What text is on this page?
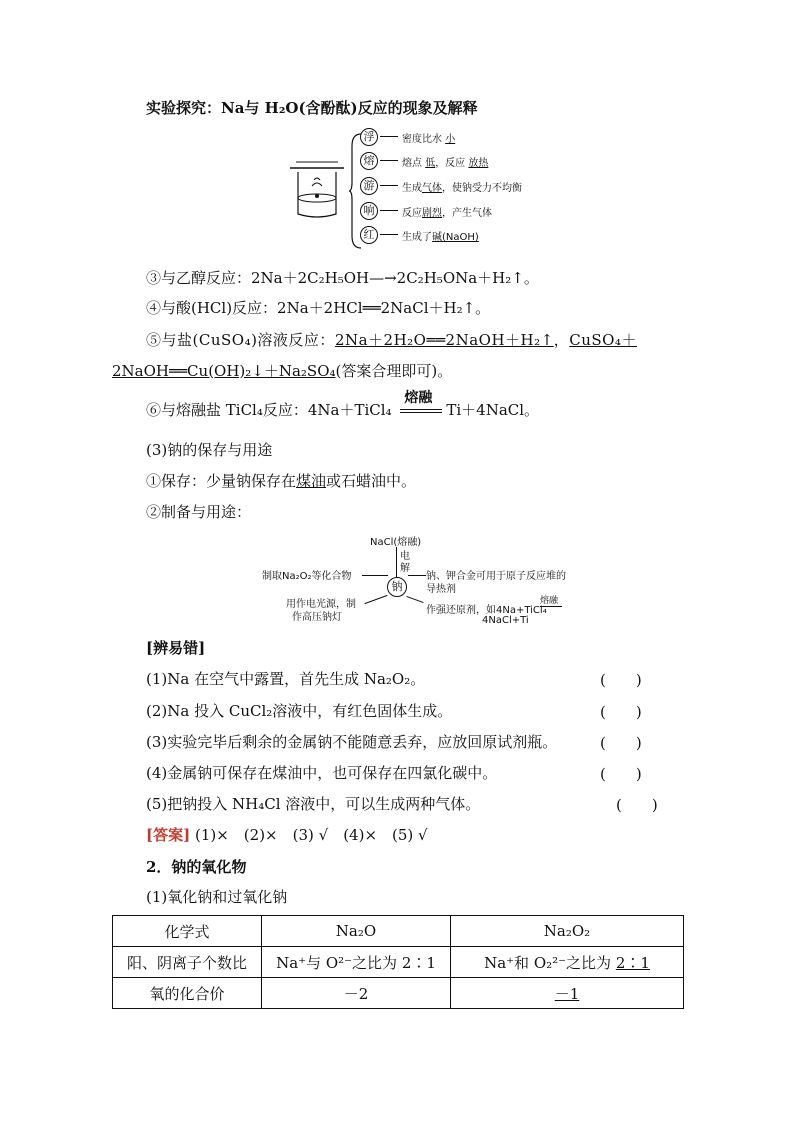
实验探究：Na与 H₂O(含酚酞)反应的现象及解释
浮	密度比水 小
熔	熔点 低，反应 放热
游	生成气体，使钠受力不均衡
响	反应剧烈，产生气体
红	生成了碱(NaOH)
③与乙醇反应：2Na＋2C₂H₅OH—→2C₂H₅ONa＋H₂↑。
④与酸(HCl)反应：2Na＋2HCl══2NaCl＋H₂↑。
⑤与盐(CuSO₄)溶液反应：2Na＋2H₂O══2NaOH＋H₂↑，CuSO₄＋
2NaOH══Cu(OH)₂↓＋Na₂SO₄(答案合理即可)。
⑥与熔融盐 TiCl₄反应：4Na＋TiCl₄
熔融
Ti＋4NaCl。
(3)钠的保存与用途
①保存：少量钠保存在煤油或石蜡油中。
②制备与用途：
NaCl(熔融)
电
解
钠
制取Na₂O₂等化合物
用作电光源，制
作高压钠灯
钠、钾合金可用于原子反应堆的
导热剂
作强还原剂，如4Na+TiCl₄
熔融
4NaCl+Ti
[辨易错]
(1)Na 在空气中露置，首先生成 Na₂O₂。	(　　)
(2)Na 投入 CuCl₂溶液中，有红色固体生成。	(　　)
(3)实验完毕后剩余的金属钠不能随意丢弃，应放回原试剂瓶。	(　　)
(4)金属钠可保存在煤油中，也可保存在四氯化碳中。	(　　)
(5)把钠投入 NH₄Cl 溶液中，可以生成两种气体。	(　　)
[答案] (1)×　(2)×　(3) √　(4)×　(5) √
2．钠的氧化物
(1)氧化钠和过氧化钠
化学式	Na₂O	Na₂O₂
阳、阴离子个数比	Na⁺与 O²⁻之比为 2∶1	Na⁺和 O₂²⁻之比为 2∶1
氧的化合价	－2	－1
